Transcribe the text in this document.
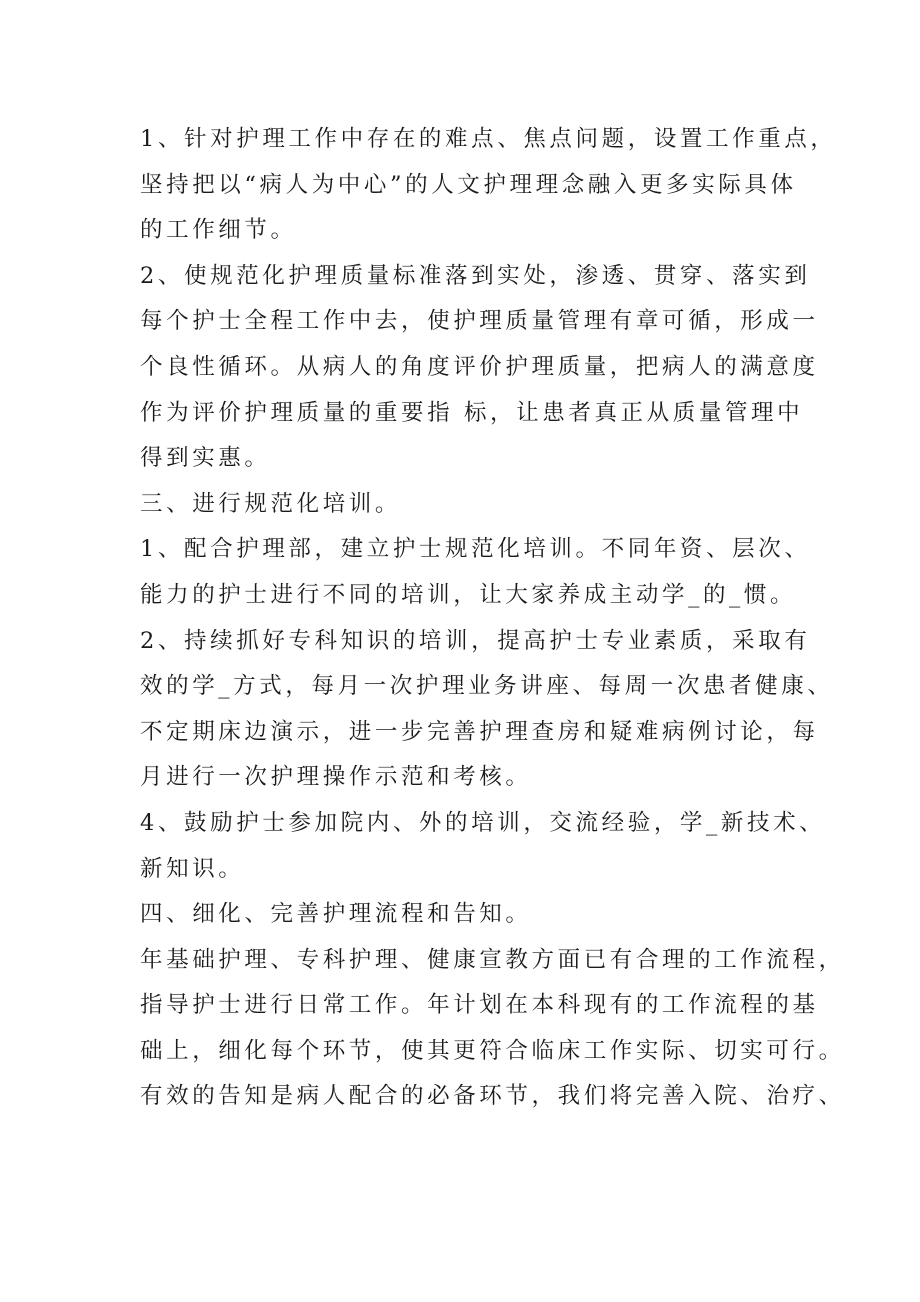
1、针对护理工作中存在的难点、焦点问题，设置工作重点，
坚持把以“病人为中心”的人文护理理念融入更多实际具体
的工作细节。
2、使规范化护理质量标准落到实处，渗透、贯穿、落实到
每个护士全程工作中去，使护理质量管理有章可循，形成一
个良性循环。从病人的角度评价护理质量，把病人的满意度
作为评价护理质量的重要指 标，让患者真正从质量管理中
得到实惠。
三、进行规范化培训。
1、配合护理部，建立护士规范化培训。不同年资、层次、
能力的护士进行不同的培训，让大家养成主动学_的_惯。
2、持续抓好专科知识的培训，提高护士专业素质，采取有
效的学_方式，每月一次护理业务讲座、每周一次患者健康、
不定期床边演示，进一步完善护理查房和疑难病例讨论，每
月进行一次护理操作示范和考核。
4、鼓励护士参加院内、外的培训，交流经验，学_新技术、
新知识。
四、细化、完善护理流程和告知。
年基础护理、专科护理、健康宣教方面已有合理的工作流程，
指导护士进行日常工作。年计划在本科现有的工作流程的基
础上，细化每个环节，使其更符合临床工作实际、切实可行。
有效的告知是病人配合的必备环节，我们将完善入院、治疗、
